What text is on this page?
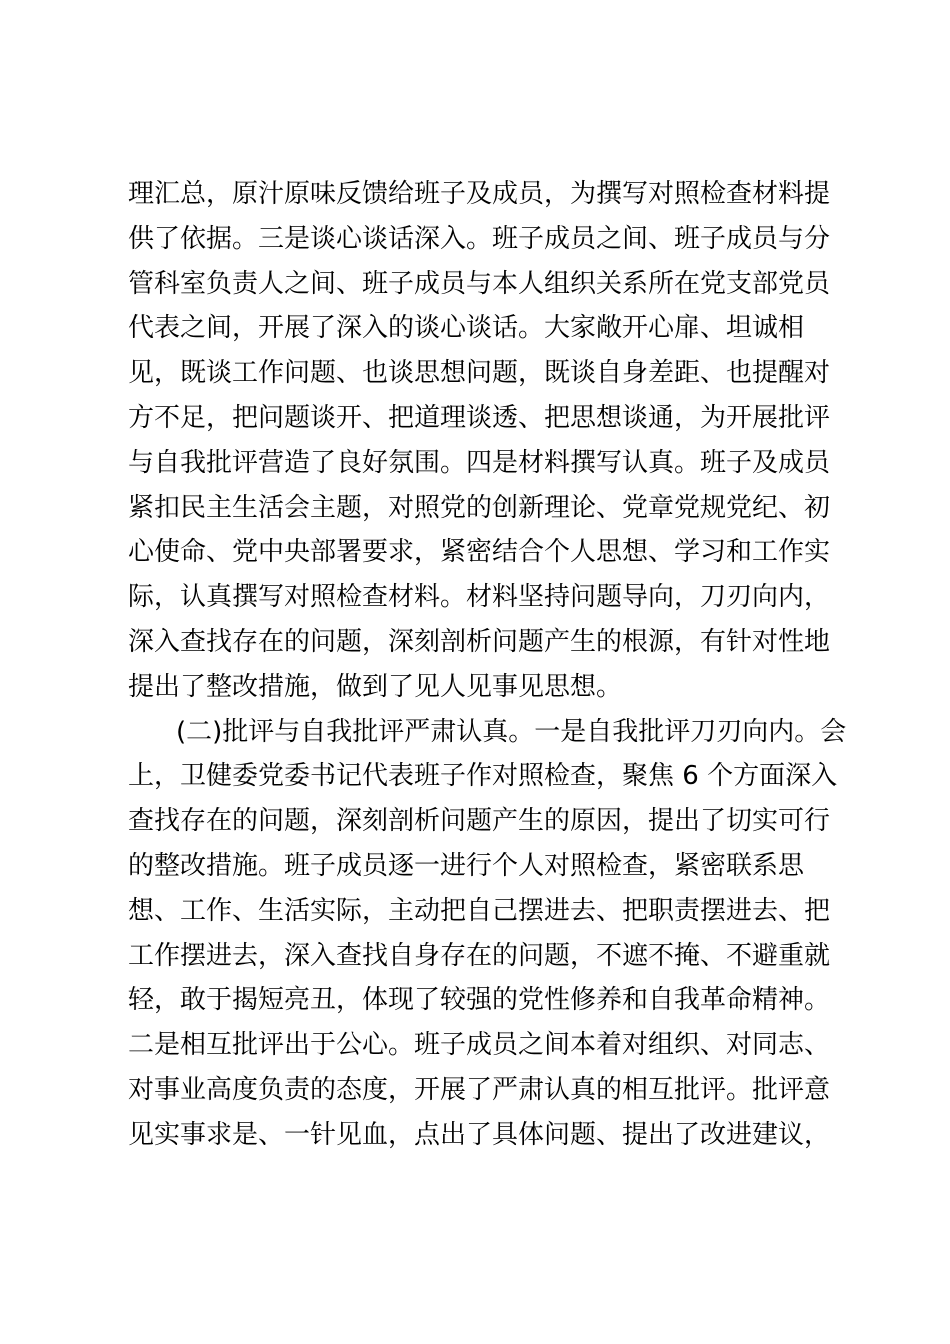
理汇总，原汁原味反馈给班子及成员，为撰写对照检查材料提
供了依据。三是谈心谈话深入。班子成员之间、班子成员与分
管科室负责人之间、班子成员与本人组织关系所在党支部党员
代表之间，开展了深入的谈心谈话。大家敞开心扉、坦诚相
见，既谈工作问题、也谈思想问题，既谈自身差距、也提醒对
方不足，把问题谈开、把道理谈透、把思想谈通，为开展批评
与自我批评营造了良好氛围。四是材料撰写认真。班子及成员
紧扣民主生活会主题，对照党的创新理论、党章党规党纪、初
心使命、党中央部署要求，紧密结合个人思想、学习和工作实
际，认真撰写对照检查材料。材料坚持问题导向，刀刃向内，
深入查找存在的问题，深刻剖析问题产生的根源，有针对性地
提出了整改措施，做到了见人见事见思想。
(二)批评与自我批评严肃认真。一是自我批评刀刃向内。会
上，卫健委党委书记代表班子作对照检查，聚焦 6 个方面深入
查找存在的问题，深刻剖析问题产生的原因，提出了切实可行
的整改措施。班子成员逐一进行个人对照检查，紧密联系思
想、工作、生活实际，主动把自己摆进去、把职责摆进去、把
工作摆进去，深入查找自身存在的问题，不遮不掩、不避重就
轻，敢于揭短亮丑，体现了较强的党性修养和自我革命精神。
二是相互批评出于公心。班子成员之间本着对组织、对同志、
对事业高度负责的态度，开展了严肃认真的相互批评。批评意
见实事求是、一针见血，点出了具体问题、提出了改进建议，
